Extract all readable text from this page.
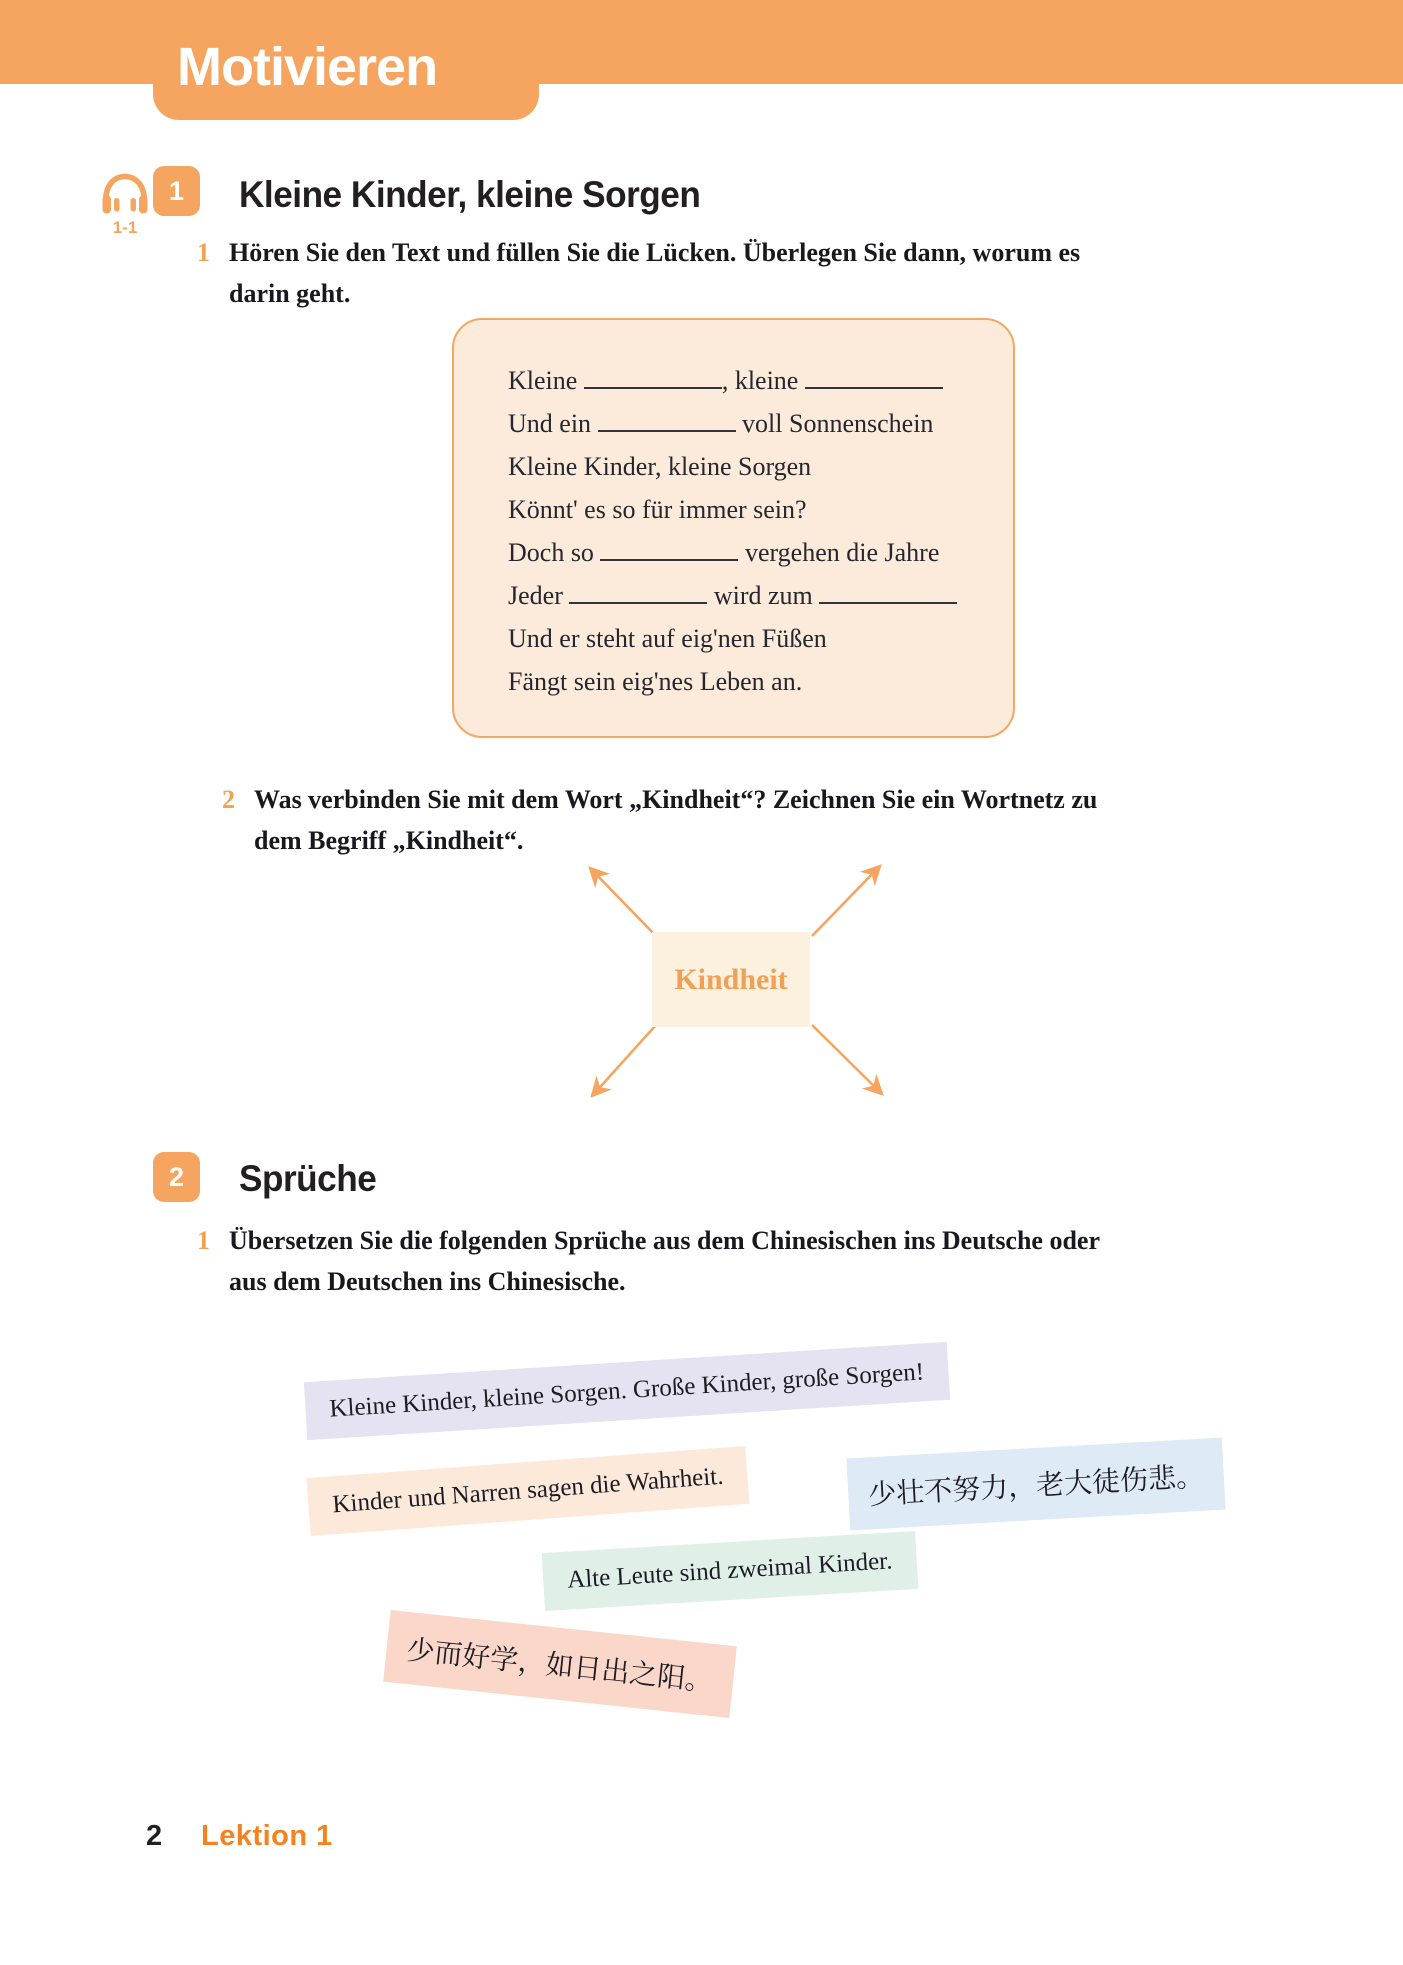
Motivieren
1-1
1 Kleine Kinder, kleine Sorgen
1 Hören Sie den Text und füllen Sie die Lücken. Überlegen Sie dann, worum es
darin geht.
Kleine	, kleine
Und ein	voll Sonnenschein
Kleine Kinder, kleine Sorgen
Könnt' es so für immer sein?
Doch so	vergehen die Jahre
Jeder	wird zum
Und er steht auf eig'nen Füßen
Fängt sein eig'nes Leben an.
2 Was verbinden Sie mit dem Wort „Kindheit“? Zeichnen Sie ein Wortnetz zu
dem Begriff „Kindheit“.
Kindheit
2 Sprüche
1 Übersetzen Sie die folgenden Sprüche aus dem Chinesischen ins Deutsche oder
aus dem Deutschen ins Chinesische.
Kleine Kinder, kleine Sorgen. Große Kinder, große Sorgen!
Kinder und Narren sagen die Wahrheit.	少壮不努力，老大徒伤悲。
Alte Leute sind zweimal Kinder.
少而好学，如日出之阳。
2 Lektion 1
